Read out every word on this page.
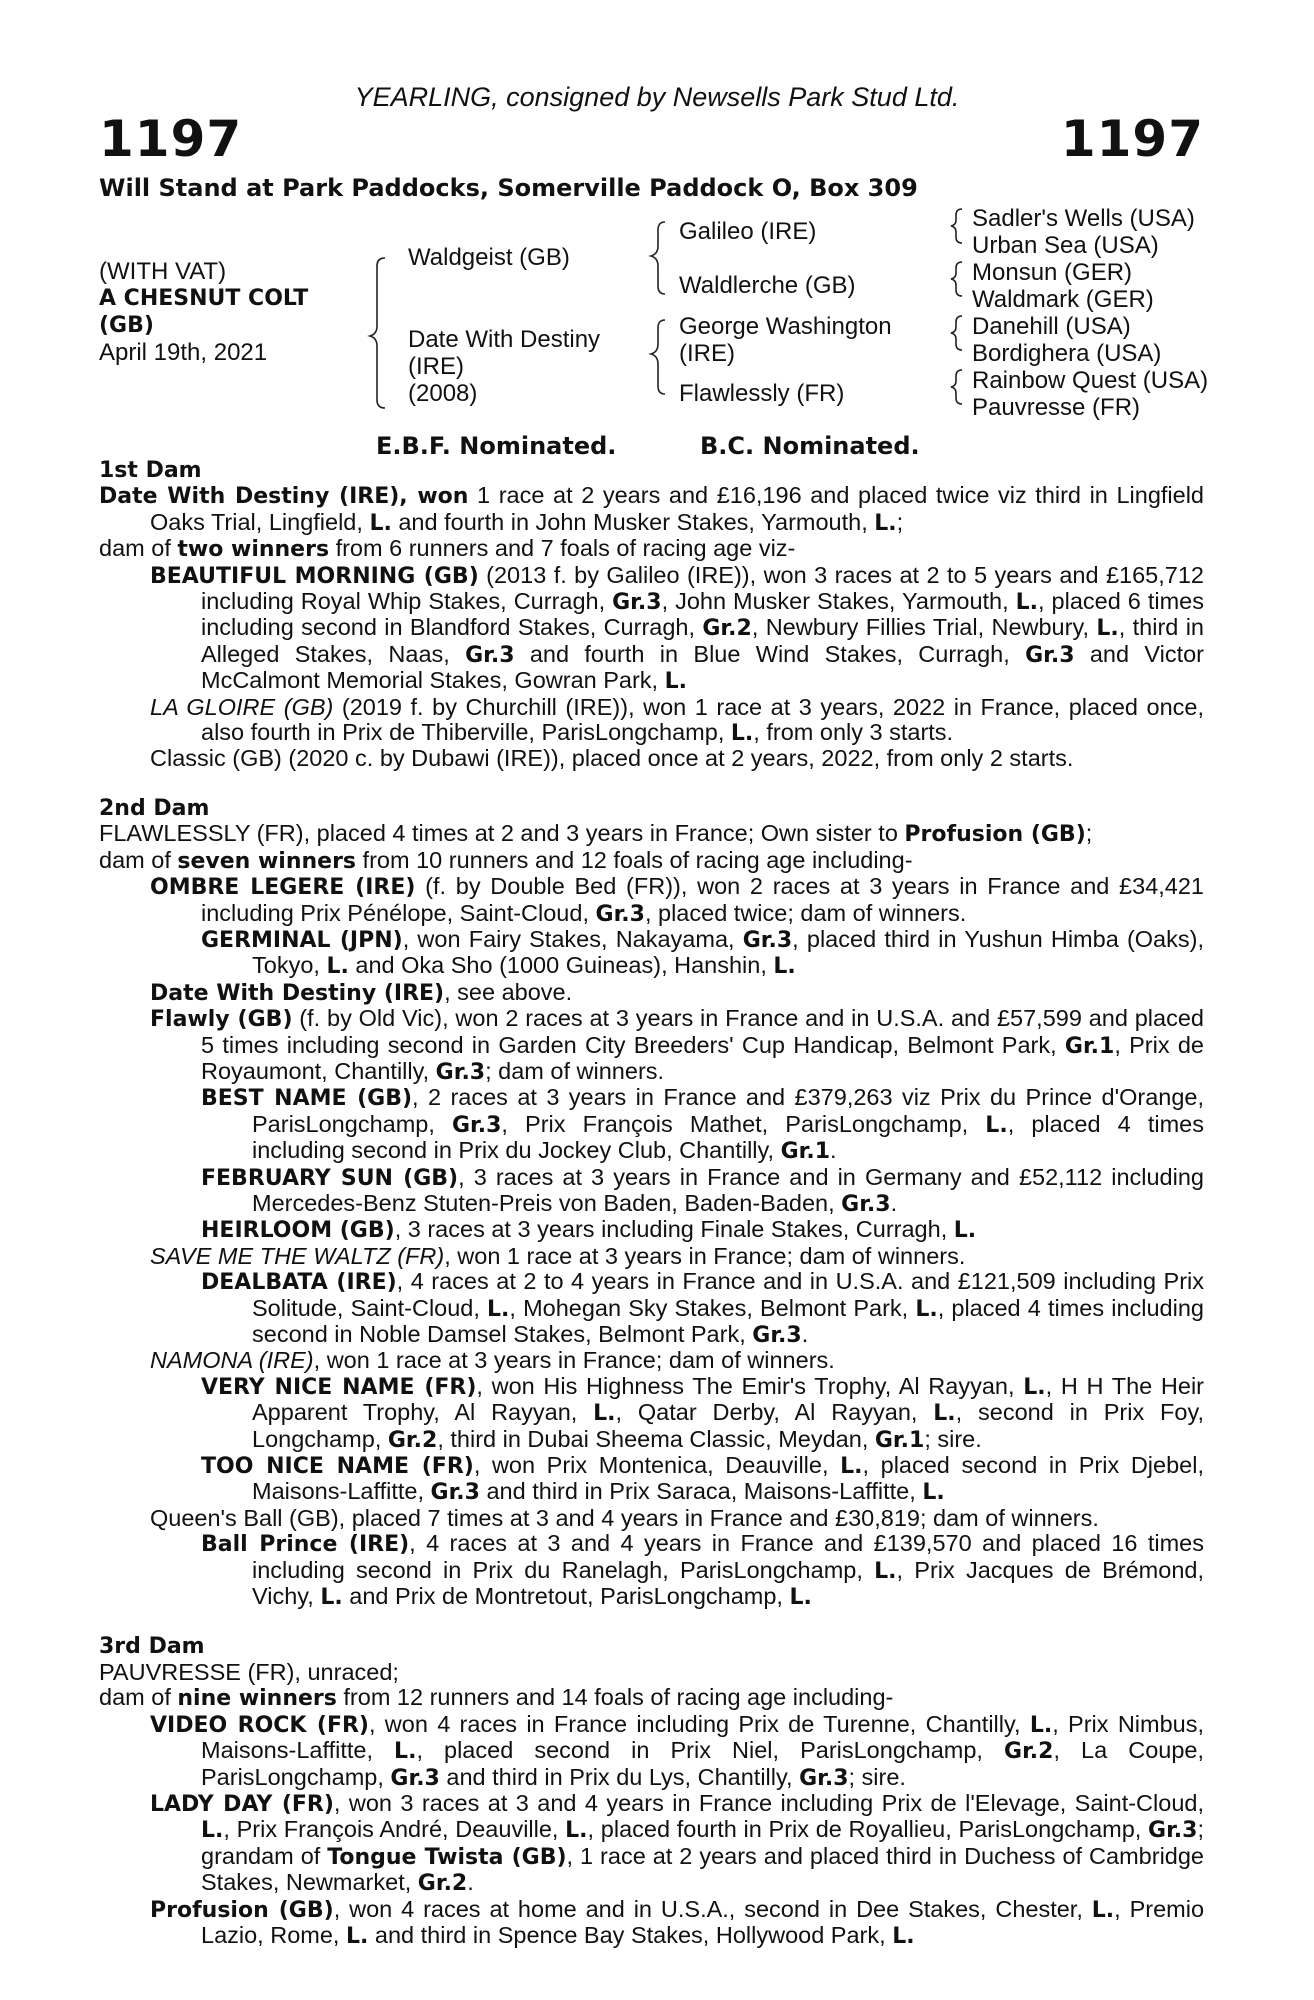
YEARLING, consigned by Newsells Park Stud Ltd.
1197	1197
Will Stand at Park Paddocks, Somerville Paddock O, Box 309
(WITH VAT)
A CHESNUT COLT
(GB)
April 19th, 2021
Waldgeist (GB)
Date With Destiny
(IRE)
(2008)
Galileo (IRE)
Waldlerche (GB)
George Washington
(IRE)
Flawlessly (FR)
Sadler's Wells (USA)
Urban Sea (USA)
Monsun (GER)
Waldmark (GER)
Danehill (USA)
Bordighera (USA)
Rainbow Quest (USA)
Pauvresse (FR)
E.B.F. Nominated.	B.C. Nominated.
1st Dam
Date With Destiny (IRE), won 1 race at 2 years and £16,196 and placed twice viz third in Lingfield Oaks Trial, Lingfield, L. and fourth in John Musker Stakes, Yarmouth, L.;
dam of two winners from 6 runners and 7 foals of racing age viz-
BEAUTIFUL MORNING (GB) (2013 f. by Galileo (IRE)), won 3 races at 2 to 5 years and £165,712 including Royal Whip Stakes, Curragh, Gr.3, John Musker Stakes, Yarmouth, L., placed 6 times including second in Blandford Stakes, Curragh, Gr.2, Newbury Fillies Trial, Newbury, L., third in Alleged Stakes, Naas, Gr.3 and fourth in Blue Wind Stakes, Curragh, Gr.3 and Victor McCalmont Memorial Stakes, Gowran Park, L.
LA GLOIRE (GB) (2019 f. by Churchill (IRE)), won 1 race at 3 years, 2022 in France, placed once, also fourth in Prix de Thiberville, ParisLongchamp, L., from only 3 starts.
Classic (GB) (2020 c. by Dubawi (IRE)), placed once at 2 years, 2022, from only 2 starts.
2nd Dam
FLAWLESSLY (FR), placed 4 times at 2 and 3 years in France; Own sister to Profusion (GB);
dam of seven winners from 10 runners and 12 foals of racing age including-
OMBRE LEGERE (IRE) (f. by Double Bed (FR)), won 2 races at 3 years in France and £34,421 including Prix Pénélope, Saint-Cloud, Gr.3, placed twice; dam of winners.
GERMINAL (JPN), won Fairy Stakes, Nakayama, Gr.3, placed third in Yushun Himba (Oaks), Tokyo, L. and Oka Sho (1000 Guineas), Hanshin, L.
Date With Destiny (IRE), see above.
Flawly (GB) (f. by Old Vic), won 2 races at 3 years in France and in U.S.A. and £57,599 and placed 5 times including second in Garden City Breeders' Cup Handicap, Belmont Park, Gr.1, Prix de Royaumont, Chantilly, Gr.3; dam of winners.
BEST NAME (GB), 2 races at 3 years in France and £379,263 viz Prix du Prince d'Orange, ParisLongchamp, Gr.3, Prix François Mathet, ParisLongchamp, L., placed 4 times including second in Prix du Jockey Club, Chantilly, Gr.1.
FEBRUARY SUN (GB), 3 races at 3 years in France and in Germany and £52,112 including Mercedes-Benz Stuten-Preis von Baden, Baden-Baden, Gr.3.
HEIRLOOM (GB), 3 races at 3 years including Finale Stakes, Curragh, L.
SAVE ME THE WALTZ (FR), won 1 race at 3 years in France; dam of winners.
DEALBATA (IRE), 4 races at 2 to 4 years in France and in U.S.A. and £121,509 including Prix Solitude, Saint-Cloud, L., Mohegan Sky Stakes, Belmont Park, L., placed 4 times including second in Noble Damsel Stakes, Belmont Park, Gr.3.
NAMONA (IRE), won 1 race at 3 years in France; dam of winners.
VERY NICE NAME (FR), won His Highness The Emir's Trophy, Al Rayyan, L., H H The Heir Apparent Trophy, Al Rayyan, L., Qatar Derby, Al Rayyan, L., second in Prix Foy, Longchamp, Gr.2, third in Dubai Sheema Classic, Meydan, Gr.1; sire.
TOO NICE NAME (FR), won Prix Montenica, Deauville, L., placed second in Prix Djebel, Maisons-Laffitte, Gr.3 and third in Prix Saraca, Maisons-Laffitte, L.
Queen's Ball (GB), placed 7 times at 3 and 4 years in France and £30,819; dam of winners.
Ball Prince (IRE), 4 races at 3 and 4 years in France and £139,570 and placed 16 times including second in Prix du Ranelagh, ParisLongchamp, L., Prix Jacques de Brémond, Vichy, L. and Prix de Montretout, ParisLongchamp, L.
3rd Dam
PAUVRESSE (FR), unraced;
dam of nine winners from 12 runners and 14 foals of racing age including-
VIDEO ROCK (FR), won 4 races in France including Prix de Turenne, Chantilly, L., Prix Nimbus, Maisons-Laffitte, L., placed second in Prix Niel, ParisLongchamp, Gr.2, La Coupe, ParisLongchamp, Gr.3 and third in Prix du Lys, Chantilly, Gr.3; sire.
LADY DAY (FR), won 3 races at 3 and 4 years in France including Prix de l'Elevage, Saint-Cloud, L., Prix François André, Deauville, L., placed fourth in Prix de Royallieu, ParisLongchamp, Gr.3; grandam of Tongue Twista (GB), 1 race at 2 years and placed third in Duchess of Cambridge Stakes, Newmarket, Gr.2.
Profusion (GB), won 4 races at home and in U.S.A., second in Dee Stakes, Chester, L., Premio Lazio, Rome, L. and third in Spence Bay Stakes, Hollywood Park, L.
